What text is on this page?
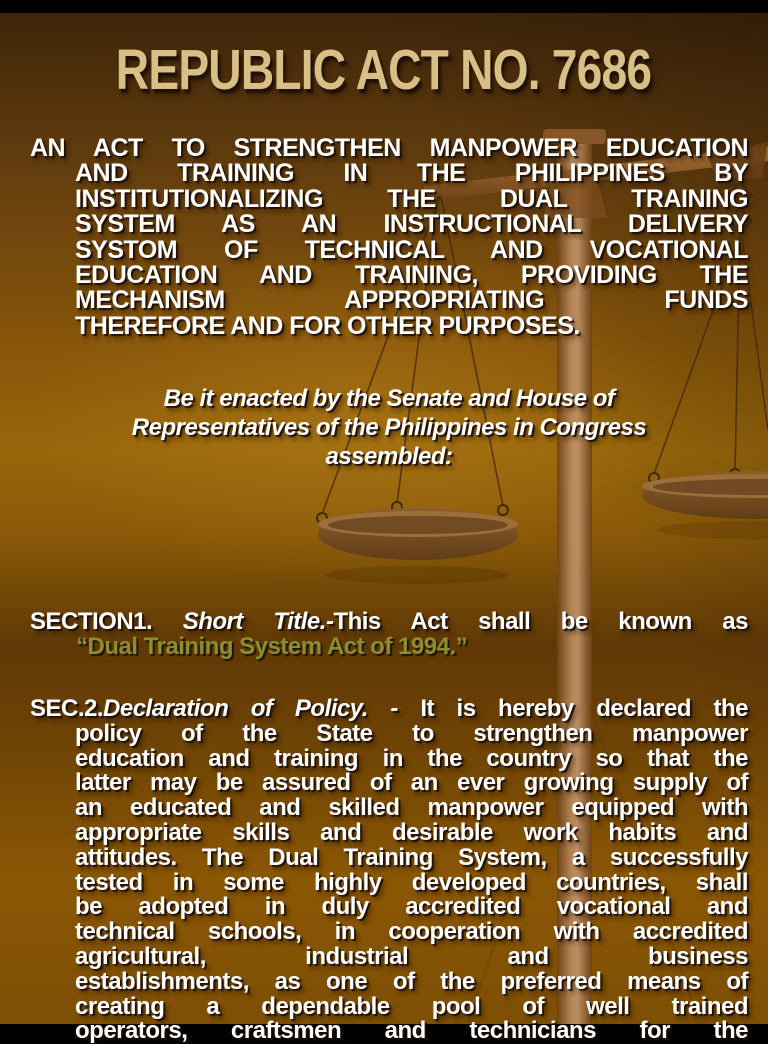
REPUBLIC ACT NO. 7686
AN ACT TO STRENGTHEN MANPOWER EDUCATION
AND TRAINING IN THE PHILIPPINES BY
INSTITUTIONALIZING THE DUAL TRAINING
SYSTEM AS AN INSTRUCTIONAL DELIVERY
SYSTOM OF TECHNICAL AND VOCATIONAL
EDUCATION AND TRAINING, PROVIDING THE
MECHANISM APPROPRIATING FUNDS
THEREFORE AND FOR OTHER PURPOSES.
Be it enacted by the Senate and House of
Representatives of the Philippines in Congress
assembled:
SECTION1. Short Title.-This Act shall be known as
“Dual Training System Act of 1994.”
SEC.2.Declaration of Policy. - It is hereby declared the
policy of the State to strengthen manpower
education and training in the country so that the
latter may be assured of an ever growing supply of
an educated and skilled manpower equipped with
appropriate skills and desirable work habits and
attitudes. The Dual Training System, a successfully
tested in some highly developed countries, shall
be adopted in duly accredited vocational and
technical schools, in cooperation with accredited
agricultural, industrial and business
establishments, as one of the preferred means of
creating a dependable pool of well trained
operators, craftsmen and technicians for the
